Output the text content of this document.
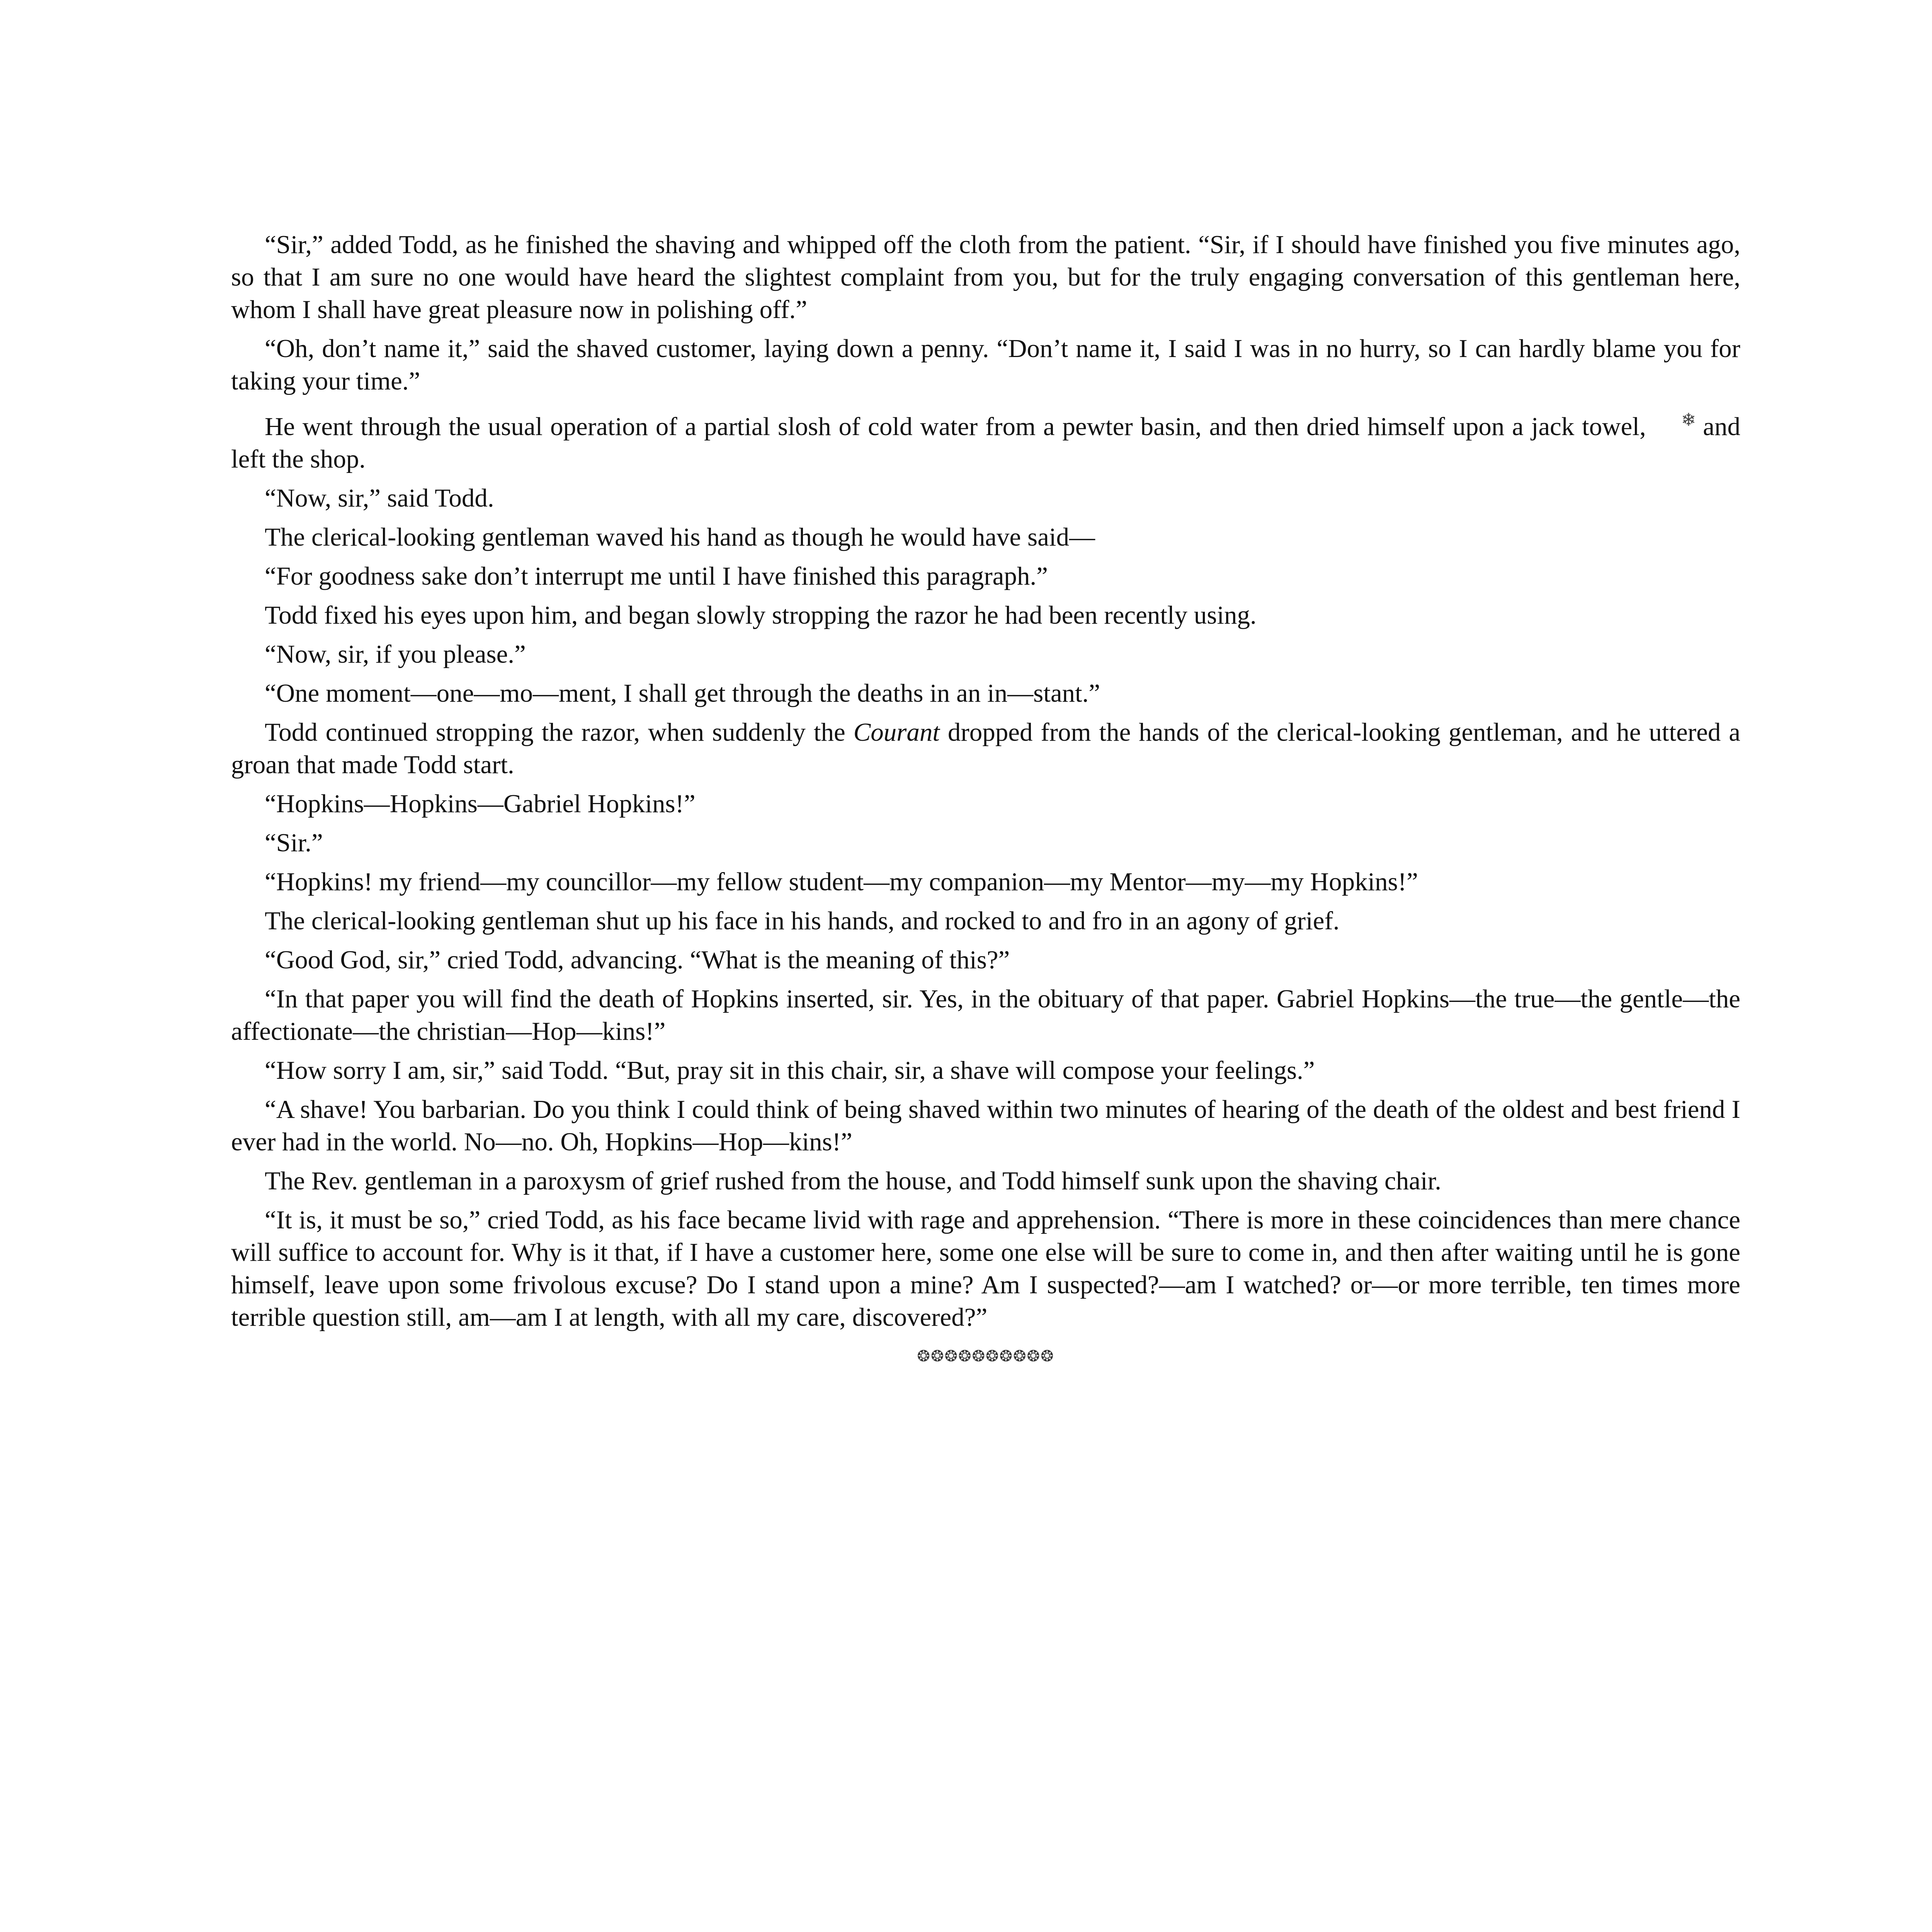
“Sir,” added Todd, as he finished the shaving and whipped off the cloth from the patient. “Sir, if I should have finished you five minutes ago, so that I am sure no one would have heard the slightest complaint from you, but for the truly engaging conversation of this gentleman here, whom I shall have great pleasure now in polishing off.”

“Oh, don’t name it,” said the shaved customer, laying down a penny. “Don’t name it, I said I was in no hurry, so I can hardly blame you for taking your time.”

He went through the usual operation of a partial slosh of cold water from a pewter basin, and then dried himself upon a jack towel, ❄ and left the shop.

“Now, sir,” said Todd.

The clerical-looking gentleman waved his hand as though he would have said—

“For goodness sake don’t interrupt me until I have finished this paragraph.”

Todd fixed his eyes upon him, and began slowly stropping the razor he had been recently using.

“Now, sir, if you please.”

“One moment—one—mo—ment, I shall get through the deaths in an in—stant.”

Todd continued stropping the razor, when suddenly the Courant dropped from the hands of the clerical-looking gentleman, and he uttered a groan that made Todd start.

“Hopkins—Hopkins—Gabriel Hopkins!”

“Sir.”

“Hopkins! my friend—my councillor—my fellow student—my companion—my Mentor—my—my Hopkins!”

The clerical-looking gentleman shut up his face in his hands, and rocked to and fro in an agony of grief.

“Good God, sir,” cried Todd, advancing. “What is the meaning of this?”

“In that paper you will find the death of Hopkins inserted, sir. Yes, in the obituary of that paper. Gabriel Hopkins—the true—the gentle—the affectionate—the christian—Hop—kins!”

“How sorry I am, sir,” said Todd. “But, pray sit in this chair, sir, a shave will compose your feelings.”

“A shave! You barbarian. Do you think I could think of being shaved within two minutes of hearing of the death of the oldest and best friend I ever had in the world. No—no. Oh, Hopkins—Hop—kins!”

The Rev. gentleman in a paroxysm of grief rushed from the house, and Todd himself sunk upon the shaving chair.

“It is, it must be so,” cried Todd, as his face became livid with rage and apprehension. “There is more in these coincidences than mere chance will suffice to account for. Why is it that, if I have a customer here, some one else will be sure to come in, and then after waiting until he is gone himself, leave upon some frivolous excuse? Do I stand upon a mine? Am I suspected?—am I watched? or—or more terrible, ten times more terrible question still, am—am I at length, with all my care, discovered?”

❂❂❂❂❂❂❂❂❂❂
